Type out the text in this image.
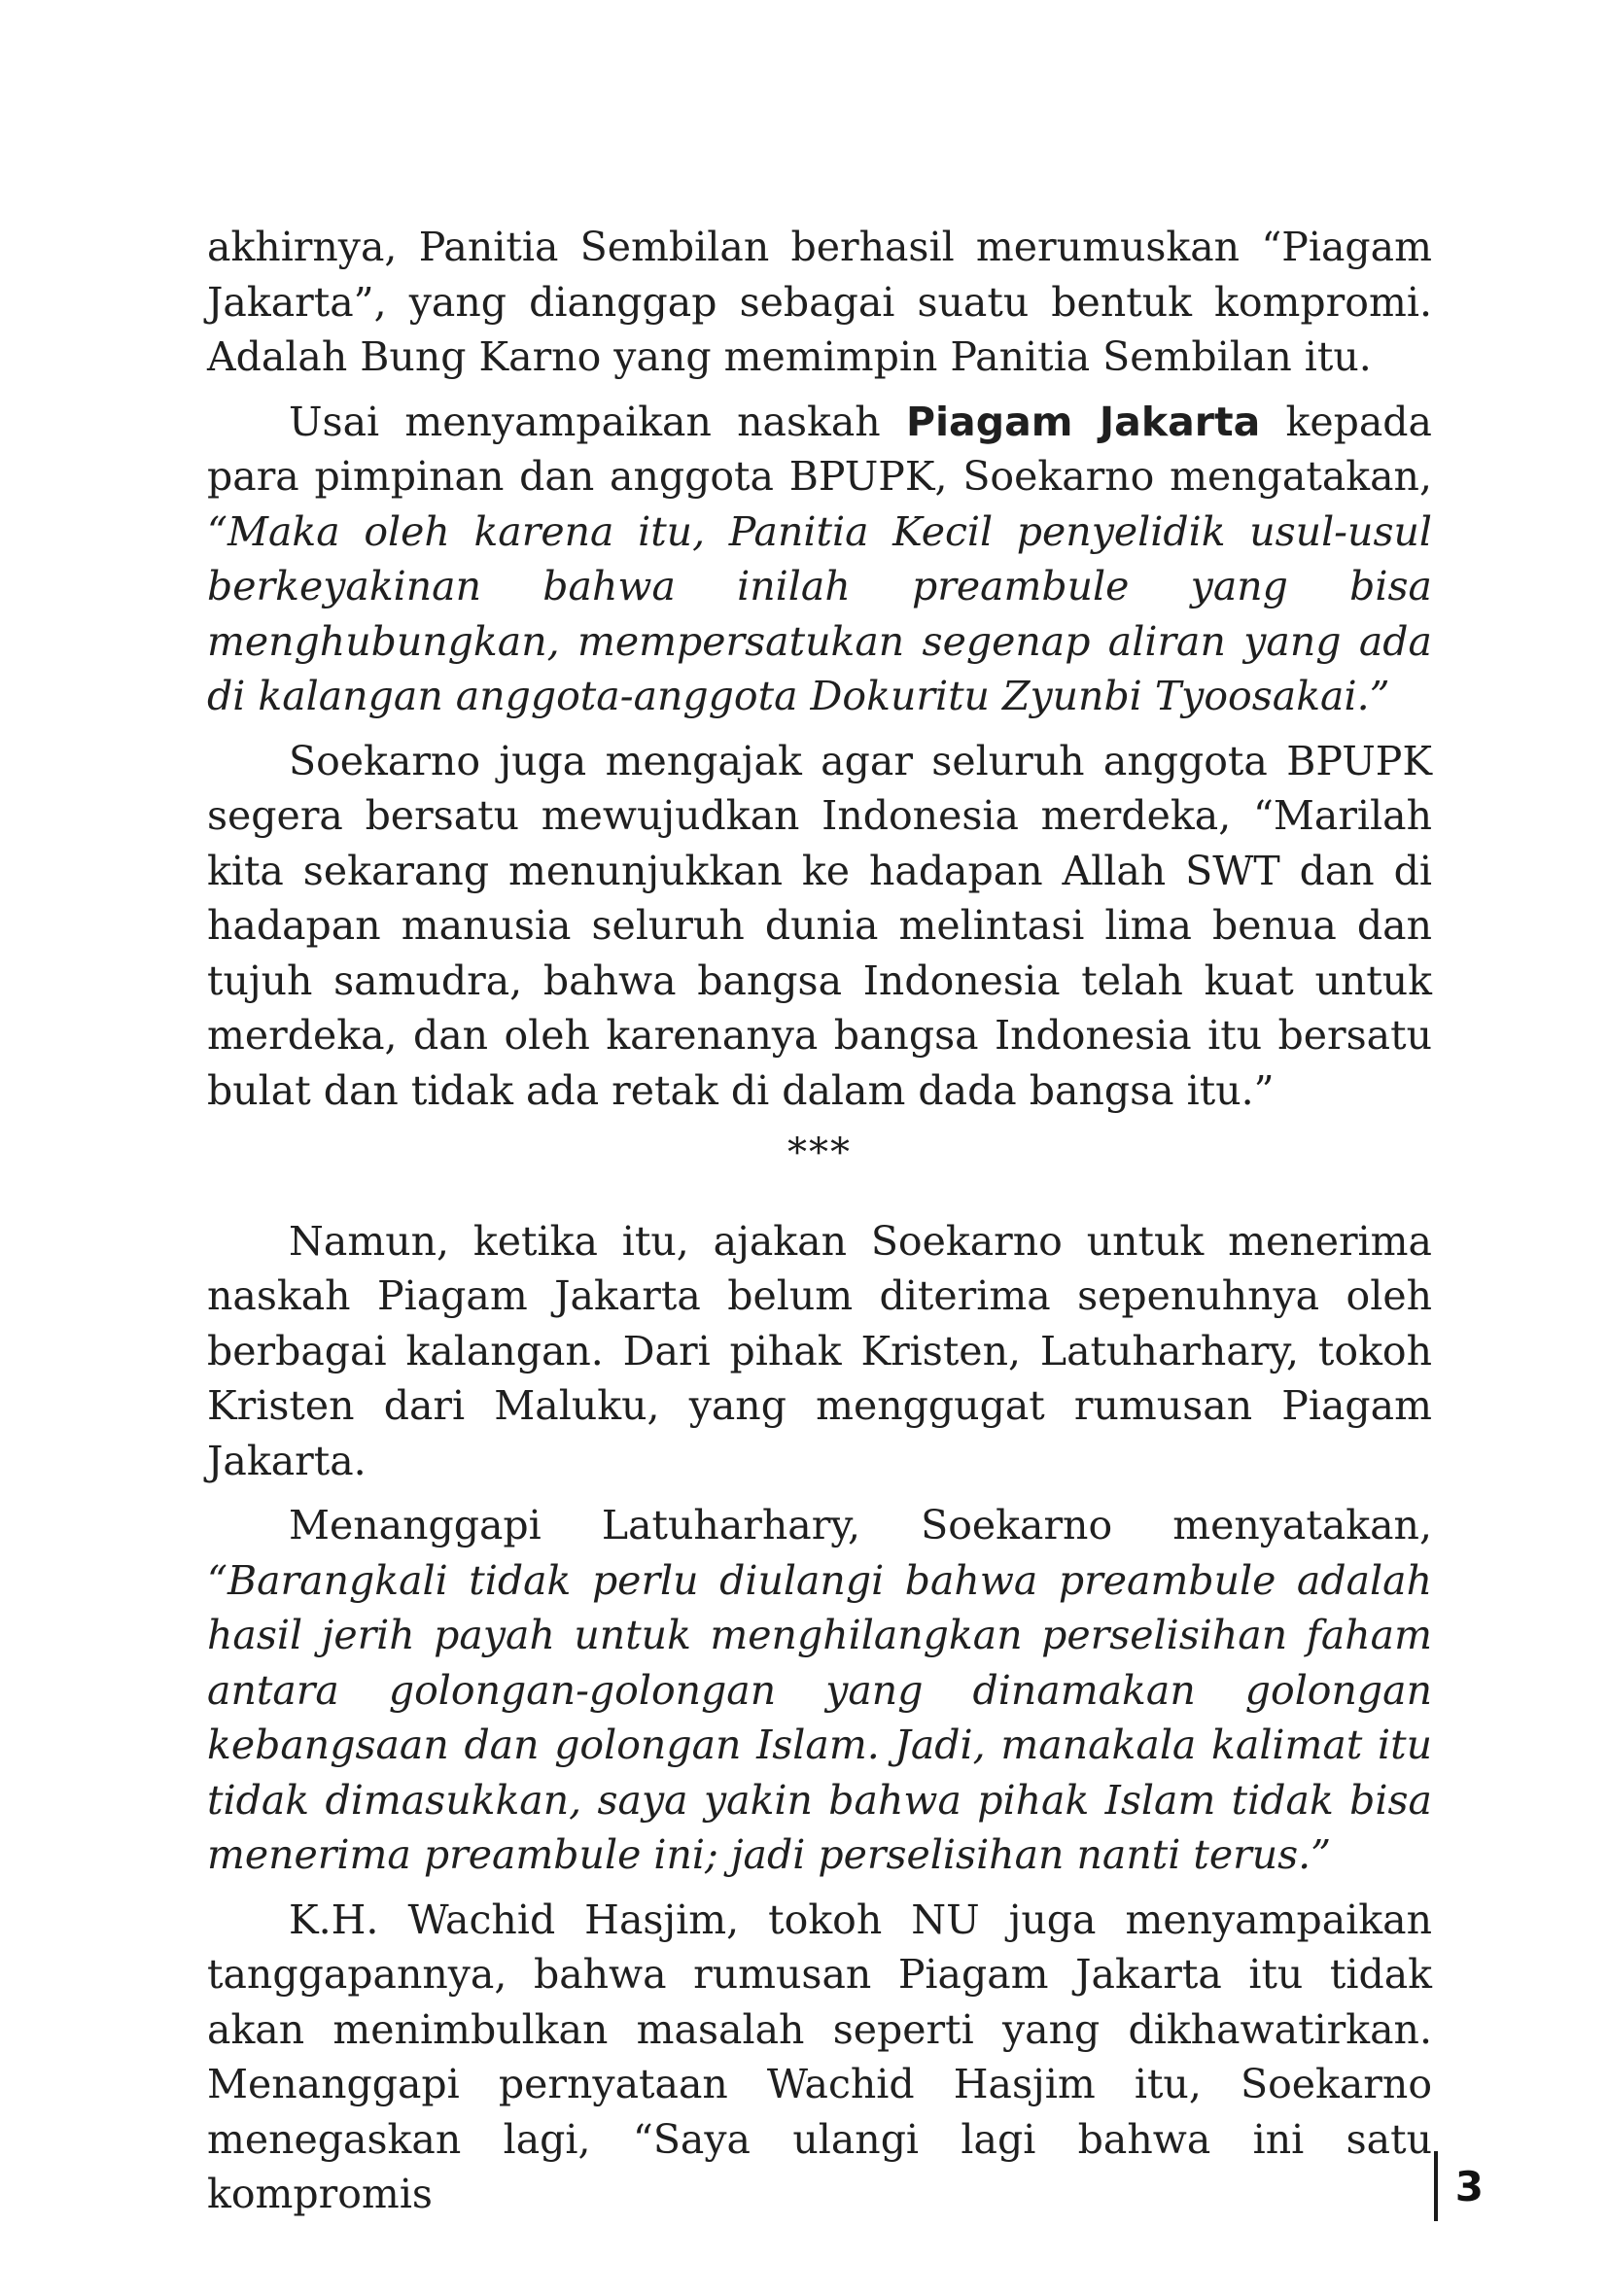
akhirnya, Panitia Sembilan berhasil merumuskan “Piagam Jakarta”, yang dianggap sebagai suatu bentuk kompromi. Adalah Bung Karno yang memimpin Panitia Sembilan itu.

Usai menyampaikan naskah Piagam Jakarta kepada para pimpinan dan anggota BPUPK, Soekarno mengatakan, “Maka oleh karena itu, Panitia Kecil penyelidik usul-usul berkeyakinan bahwa inilah preambule yang bisa menghubungkan, mempersatukan segenap aliran yang ada di kalangan anggota-anggota Dokuritu Zyunbi Tyoosakai.”

Soekarno juga mengajak agar seluruh anggota BPUPK segera bersatu mewujudkan Indonesia merdeka, “Marilah kita sekarang menunjukkan ke hadapan Allah SWT dan di hadapan manusia seluruh dunia melintasi lima benua dan tujuh samudra, bahwa bangsa Indonesia telah kuat untuk merdeka, dan oleh karenanya bangsa Indonesia itu bersatu bulat dan tidak ada retak di dalam dada bangsa itu.”

***

Namun, ketika itu, ajakan Soekarno untuk menerima naskah Piagam Jakarta belum diterima sepenuhnya oleh berbagai kalangan. Dari pihak Kristen, Latuharhary, tokoh Kristen dari Maluku, yang menggugat rumusan Piagam Jakarta.

Menanggapi Latuharhary, Soekarno menyatakan, “Barangkali tidak perlu diulangi bahwa preambule adalah hasil jerih payah untuk menghilangkan perselisihan faham antara golongan-golongan yang dinamakan golongan kebangsaan dan golongan Islam. Jadi, manakala kalimat itu tidak dimasukkan, saya yakin bahwa pihak Islam tidak bisa menerima preambule ini; jadi perselisihan nanti terus.”

K.H. Wachid Hasjim, tokoh NU juga menyampaikan tanggapannya, bahwa rumusan Piagam Jakarta itu tidak akan menimbulkan masalah seperti yang dikhawatirkan. Menanggapi pernyataan Wachid Hasjim itu, Soekarno menegaskan lagi, “Saya ulangi lagi bahwa ini satu kompromis	3
